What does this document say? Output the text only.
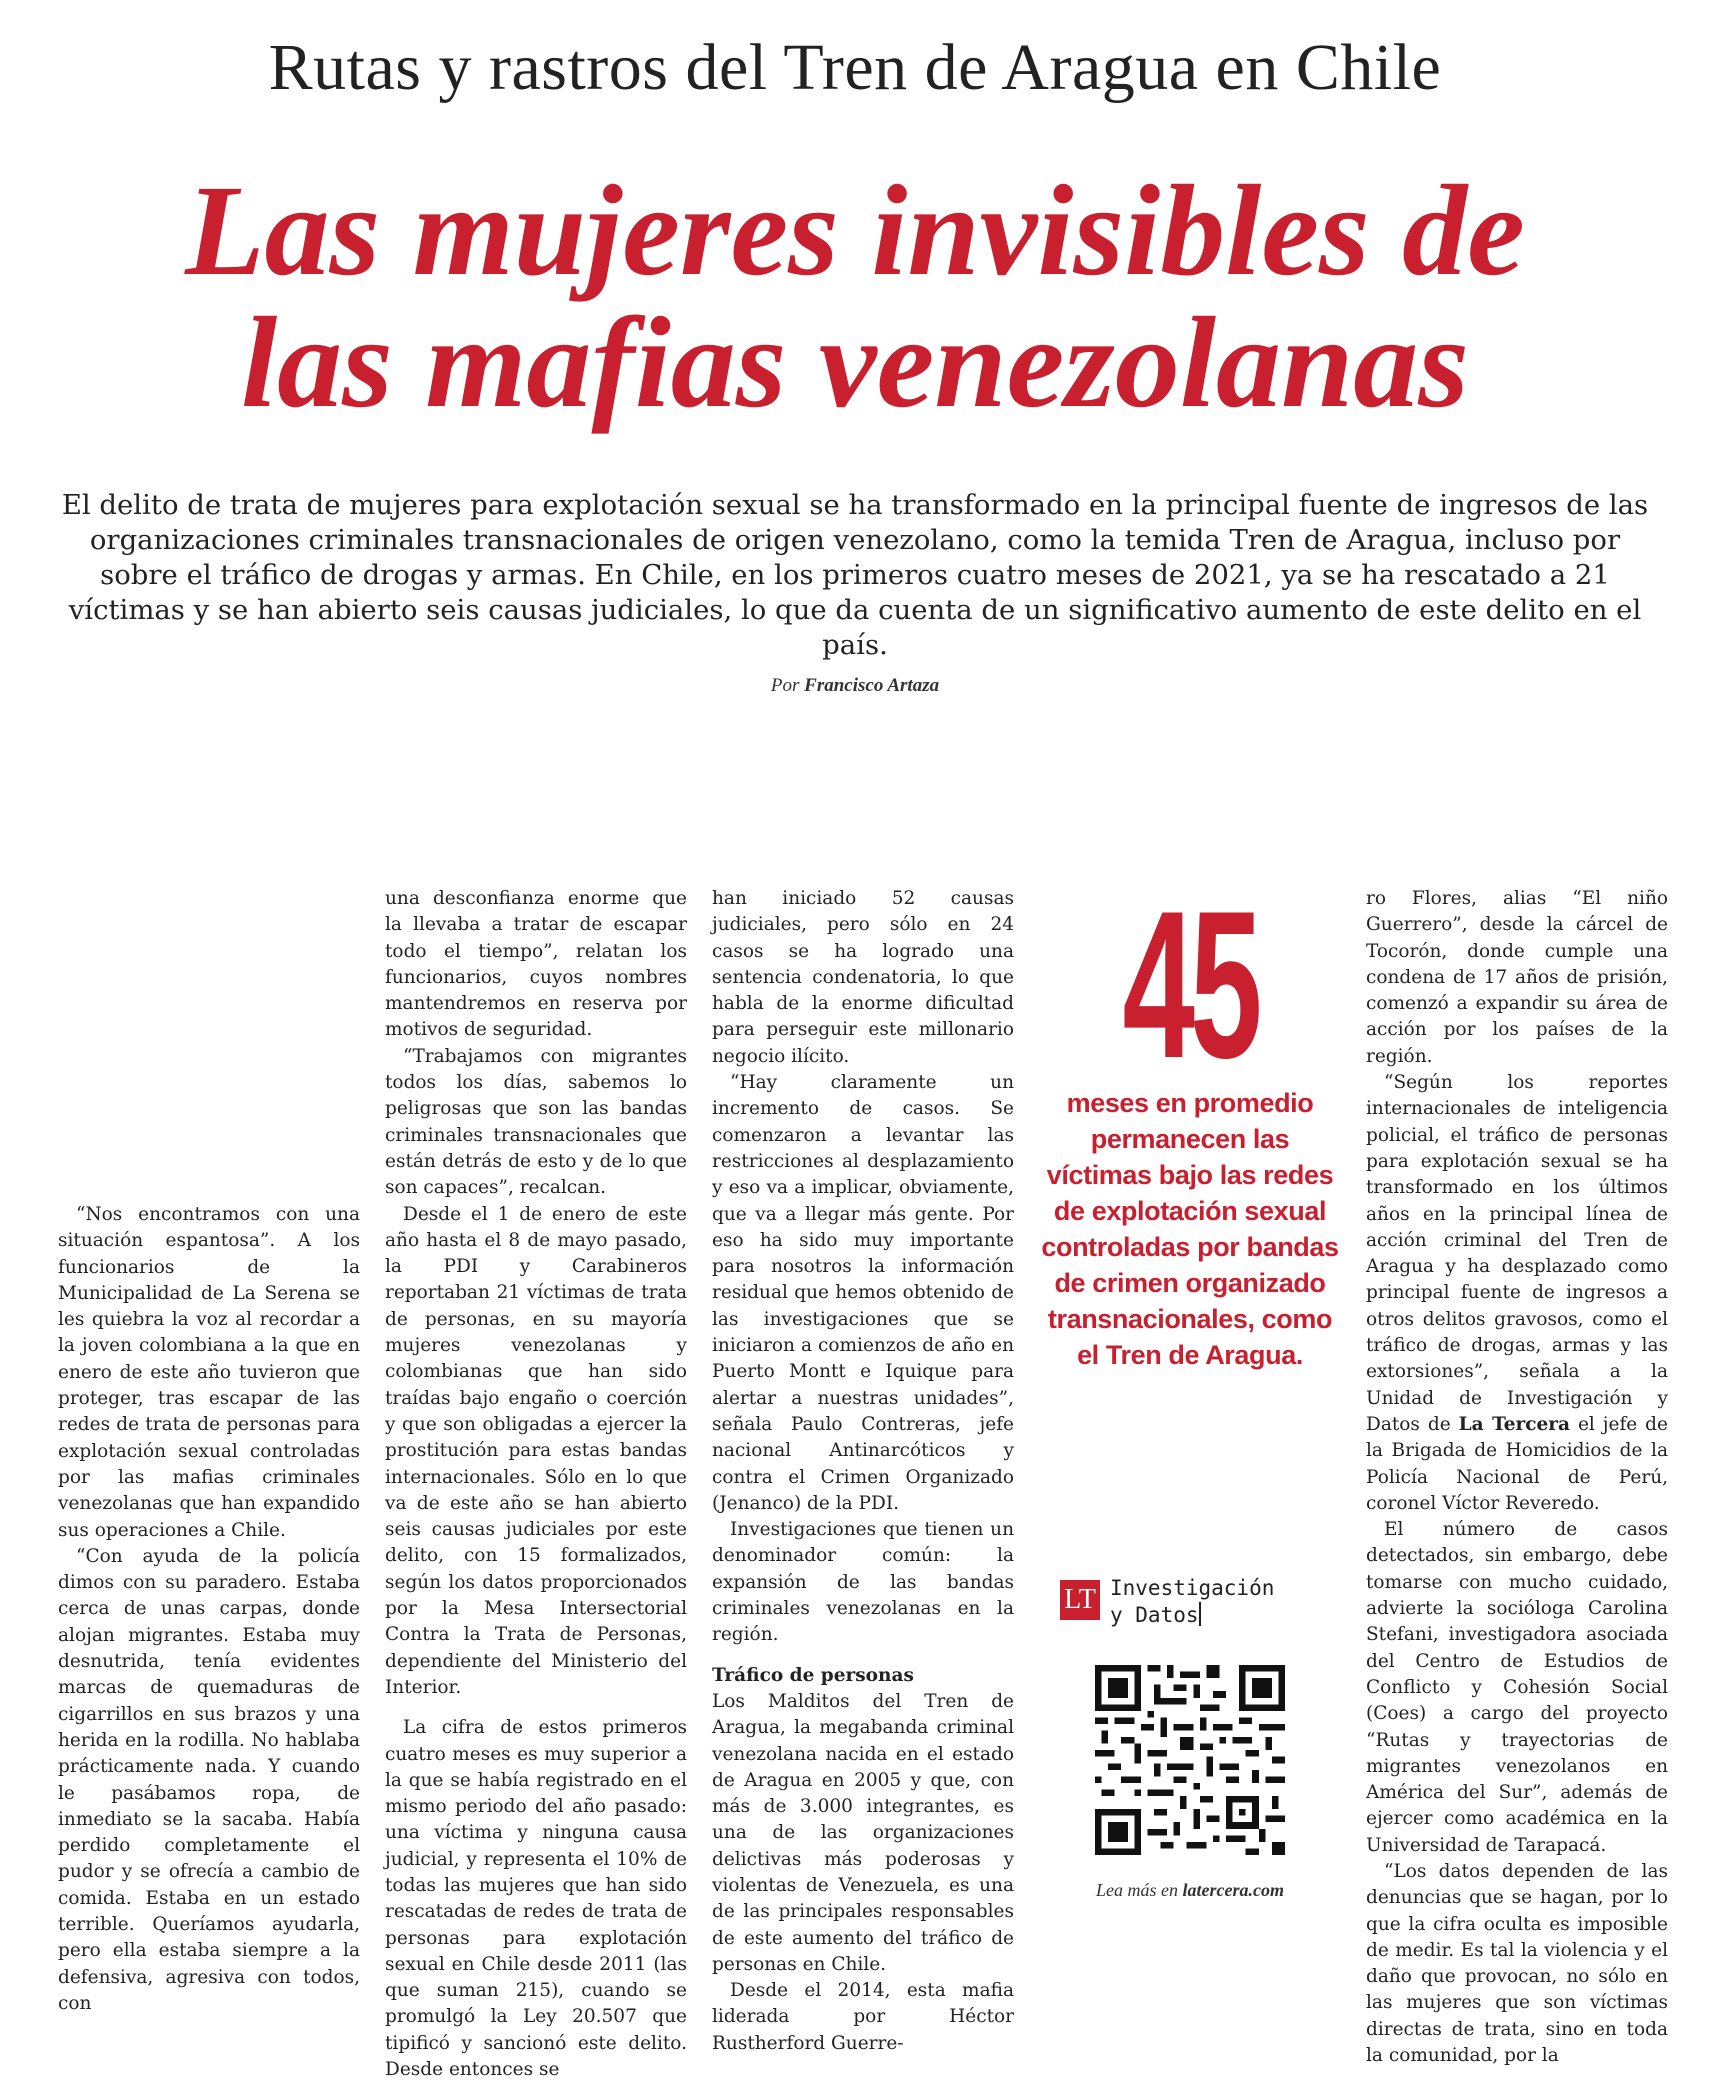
Rutas y rastros del Tren de Aragua en Chile
Las mujeres invisibles de
las mafias venezolanas
El delito de trata de mujeres para explotación sexual se ha transformado en la principal fuente de ingresos de las organizaciones criminales transnacionales de origen venezolano, como la temida Tren de Aragua, incluso por sobre el tráfico de drogas y armas. En Chile, en los primeros cuatro meses de 2021, ya se ha rescatado a 21 víctimas y se han abierto seis causas judiciales, lo que da cuenta de un significativo aumento de este delito en el país.
Por Francisco Artaza

“Nos encontramos con una situación espantosa”. A los funcionarios de la Municipalidad de La Serena se les quiebra la voz al recordar a la joven colombiana a la que en enero de este año tuvieron que proteger, tras escapar de las redes de trata de personas para explotación sexual controladas por las mafias criminales venezolanas que han expandido sus operaciones a Chile.

“Con ayuda de la policía dimos con su paradero. Estaba cerca de unas carpas, donde alojan migrantes. Estaba muy desnutrida, tenía evidentes marcas de quemaduras de cigarrillos en sus brazos y una herida en la rodilla. No hablaba prácticamente nada. Y cuando le pasábamos ropa, de inmediato se la sacaba. Había perdido completamente el pudor y se ofrecía a cambio de comida. Estaba en un estado terrible. Queríamos ayudarla, pero ella estaba siempre a la defensiva, agresiva con todos, con

una desconfianza enorme que la llevaba a tratar de escapar todo el tiempo”, relatan los funcionarios, cuyos nombres mantendremos en reserva por motivos de seguridad.

“Trabajamos con migrantes todos los días, sabemos lo peligrosas que son las bandas criminales transnacionales que están detrás de esto y de lo que son capaces”, recalcan.

Desde el 1 de enero de este año hasta el 8 de mayo pasado, la PDI y Carabineros reportaban 21 víctimas de trata de personas, en su mayoría mujeres venezolanas y colombianas que han sido traídas bajo engaño o coerción y que son obligadas a ejercer la prostitución para estas bandas internacionales. Sólo en lo que va de este año se han abierto seis causas judiciales por este delito, con 15 formalizados, según los datos proporcionados por la Mesa Intersectorial Contra la Trata de Personas, dependiente del Ministerio del Interior.

La cifra de estos primeros cuatro meses es muy superior a la que se había registrado en el mismo periodo del año pasado: una víctima y ninguna causa judicial, y representa el 10% de todas las mujeres que han sido rescatadas de redes de trata de personas para explotación sexual en Chile desde 2011 (las que suman 215), cuando se promulgó la Ley 20.507 que tipificó y sancionó este delito. Desde entonces se

han iniciado 52 causas judiciales, pero sólo en 24 casos se ha logrado una sentencia condenatoria, lo que habla de la enorme dificultad para perseguir este millonario negocio ilícito.

“Hay claramente un incremento de casos. Se comenzaron a levantar las restricciones al desplazamiento y eso va a implicar, obviamente, que va a llegar más gente. Por eso ha sido muy importante para nosotros la información residual que hemos obtenido de las investigaciones que se iniciaron a comienzos de año en Puerto Montt e Iquique para alertar a nuestras unidades”, señala Paulo Contreras, jefe nacional Antinarcóticos y contra el Crimen Organizado (Jenanco) de la PDI.

Investigaciones que tienen un denominador común: la expansión de las bandas criminales venezolanas en la región.

Tráfico de personas

Los Malditos del Tren de Aragua, la megabanda criminal venezolana nacida en el estado de Aragua en 2005 y que, con más de 3.000 integrantes, es una de las organizaciones delictivas más poderosas y violentas de Venezuela, es una de las principales responsables de este aumento del tráfico de personas en Chile.

Desde el 2014, esta mafia liderada por Héctor Rustherford Guerre-

45
meses en promedio permanecen las víctimas bajo las redes de explotación sexual controladas por bandas de crimen organizado transnacionales, como el Tren de Aragua.
LT Investigación
y Datos
Lea más en latercera.com

ro Flores, alias “El niño Guerrero”, desde la cárcel de Tocorón, donde cumple una condena de 17 años de prisión, comenzó a expandir su área de acción por los países de la región.

“Según los reportes internacionales de inteligencia policial, el tráfico de personas para explotación sexual se ha transformado en los últimos años en la principal línea de acción criminal del Tren de Aragua y ha desplazado como principal fuente de ingresos a otros delitos gravosos, como el tráfico de drogas, armas y las extorsiones”, señala a la Unidad de Investigación y Datos de La Tercera el jefe de la Brigada de Homicidios de la Policía Nacional de Perú, coronel Víctor Reveredo.

El número de casos detectados, sin embargo, debe tomarse con mucho cuidado, advierte la socióloga Carolina Stefani, investigadora asociada del Centro de Estudios de Conflicto y Cohesión Social (Coes) a cargo del proyecto “Rutas y trayectorias de migrantes venezolanos en América del Sur”, además de ejercer como académica en la Universidad de Tarapacá.

“Los datos dependen de las denuncias que se hagan, por lo que la cifra oculta es imposible de medir. Es tal la violencia y el daño que provocan, no sólo en las mujeres que son víctimas directas de trata, sino en toda la comunidad, por la
